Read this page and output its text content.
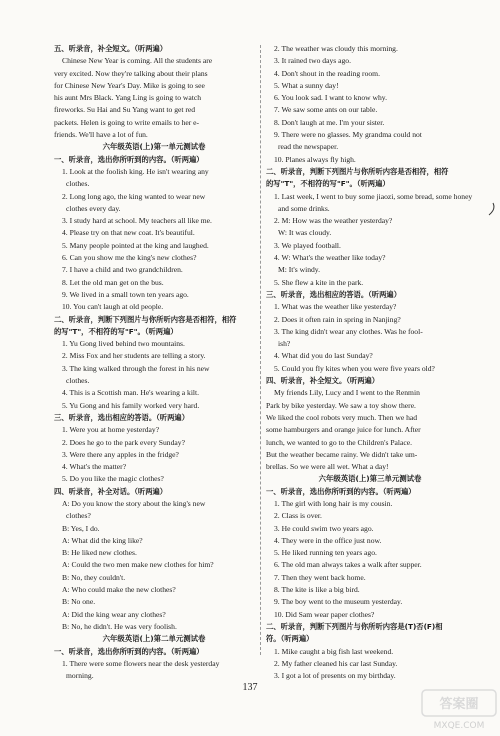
五、听录音，补全短文。（听两遍）
Chinese New Year is coming. All the students are
very excited. Now they're talking about their plans
for Chinese New Year's Day. Mike is going to see
his aunt Mrs Black. Yang Ling is going to watch
fireworks. Su Hai and Su Yang want to get red
packets. Helen is going to write emails to her e-
friends. We'll have a lot of fun.
六年级英语(上)第一单元测试卷
一、听录音，选出你所听到的内容。（听两遍）
1. Look at the foolish king. He isn't wearing any
clothes.
2. Long long ago, the king wanted to wear new
clothes every day.
3. I study hard at school. My teachers all like me.
4. Please try on that new coat. It's beautiful.
5. Many people pointed at the king and laughed.
6. Can you show me the king's new clothes?
7. I have a child and two grandchildren.
8. Let the old man get on the bus.
9. We lived in a small town ten years ago.
10. You can't laugh at old people.
二、听录音，判断下列图片与你所听内容是否相符，相符
的写"T"，不相符的写"F"。（听两遍）
1. Yu Gong lived behind two mountains.
2. Miss Fox and her students are telling a story.
3. The king walked through the forest in his new
clothes.
4. This is a Scottish man. He's wearing a kilt.
5. Yu Gong and his family worked very hard.
三、听录音，选出相应的答语。（听两遍）
1. Were you at home yesterday?
2. Does he go to the park every Sunday?
3. Were there any apples in the fridge?
4. What's the matter?
5. Do you like the magic clothes?
四、听录音，补全对话。（听两遍）
A: Do you know the story about the king's new
clothes?
B: Yes, I do.
A: What did the king like?
B: He liked new clothes.
A: Could the two men make new clothes for him?
B: No, they couldn't.
A: Who could make the new clothes?
B: No one.
A: Did the king wear any clothes?
B: No, he didn't. He was very foolish.
六年级英语(上)第二单元测试卷
一、听录音，选出你所听到的内容。（听两遍）
1. There were some flowers near the desk yesterday
morning.
2. The weather was cloudy this morning.
3. It rained two days ago.
4. Don't shout in the reading room.
5. What a sunny day!
6. You look sad. I want to know why.
7. We saw some ants on our table.
8. Don't laugh at me. I'm your sister.
9. There were no glasses. My grandma could not
read the newspaper.
10. Planes always fly high.
二、听录音，判断下列图片与你所听内容是否相符，相符
的写"T"，不相符的写"F"。（听两遍）
1. Last week, I went to buy some jiaozi, some bread, some honey
and some drinks.
2. M: How was the weather yesterday?
W: It was cloudy.
3. We played football.
4. W: What's the weather like today?
M: It's windy.
5. She flew a kite in the park.
三、听录音，选出相应的答语。（听两遍）
1. What was the weather like yesterday?
2. Does it often rain in spring in Nanjing?
3. The king didn't wear any clothes. Was he fool-
ish?
4. What did you do last Sunday?
5. Could you fly kites when you were five years old?
四、听录音，补全短文。（听两遍）
My friends Lily, Lucy and I went to the Renmin
Park by bike yesterday. We saw a toy show there.
We liked the cool robots very much. Then we had
some hamburgers and orange juice for lunch. After
lunch, we wanted to go to the Children's Palace.
But the weather became rainy. We didn't take um-
brellas. So we were all wet. What a day!
六年级英语(上)第三单元测试卷
一、听录音，选出你所听到的内容。（听两遍）
1. The girl with long hair is my cousin.
2. Class is over.
3. He could swim two years ago.
4. They were in the office just now.
5. He liked running ten years ago.
6. The old man always takes a walk after supper.
7. Then they went back home.
8. The kite is like a big bird.
9. The boy went to the museum yesterday.
10. Did Sam wear paper clothes?
二、听录音，判断下列图片与你所听内容是(T)否(F)相
符。（听两遍）
1. Mike caught a big fish last weekend.
2. My father cleaned his car last Sunday.
3. I got a lot of presents on my birthday.
137
答案圈
MXQE.COM
